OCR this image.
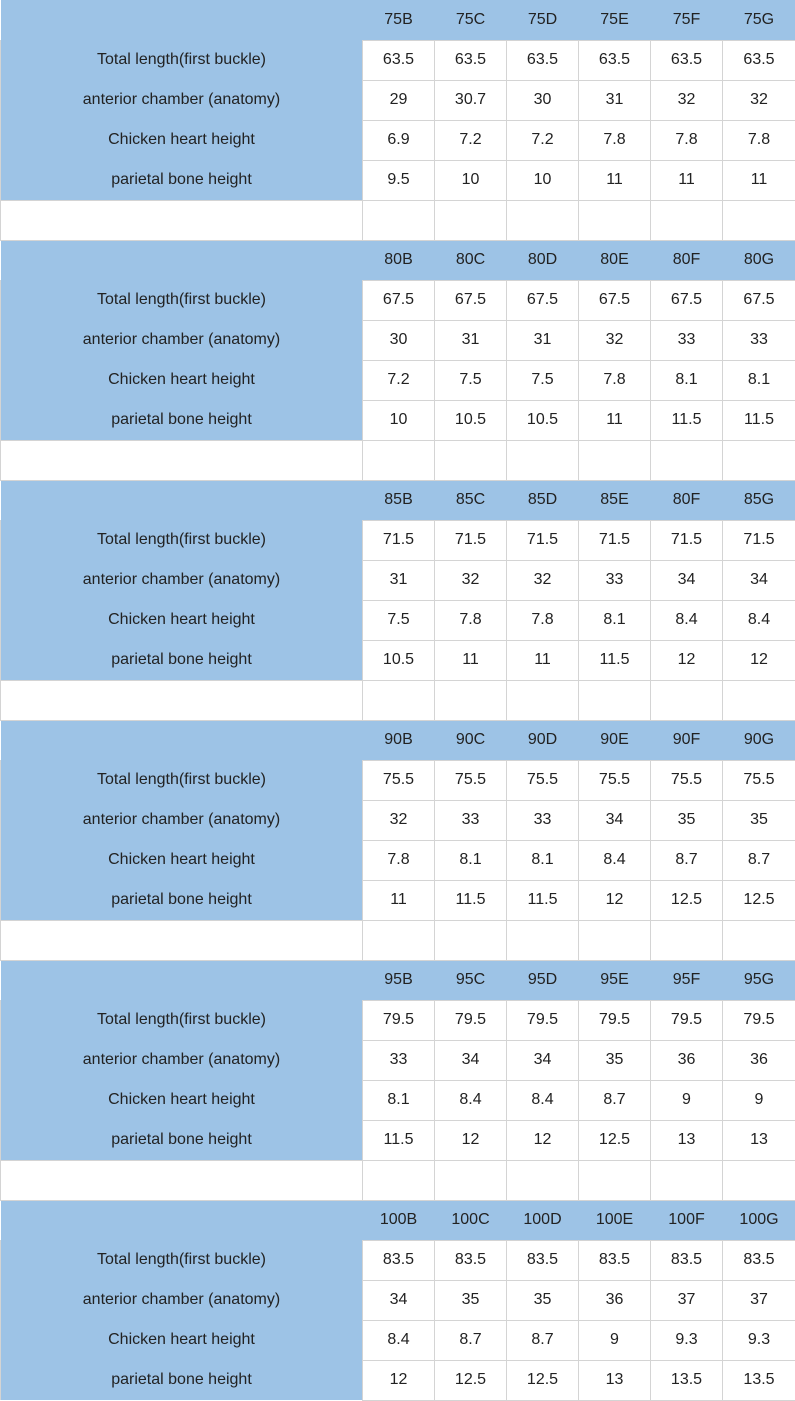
	75B	75C	75D	75E	75F	75G
Total length(first buckle)	63.5	63.5	63.5	63.5	63.5	63.5
anterior chamber (anatomy)	29	30.7	30	31	32	32
Chicken heart height	6.9	7.2	7.2	7.8	7.8	7.8
parietal bone height	9.5	10	10	11	11	11

	80B	80C	80D	80E	80F	80G
Total length(first buckle)	67.5	67.5	67.5	67.5	67.5	67.5
anterior chamber (anatomy)	30	31	31	32	33	33
Chicken heart height	7.2	7.5	7.5	7.8	8.1	8.1
parietal bone height	10	10.5	10.5	11	11.5	11.5

	85B	85C	85D	85E	80F	85G
Total length(first buckle)	71.5	71.5	71.5	71.5	71.5	71.5
anterior chamber (anatomy)	31	32	32	33	34	34
Chicken heart height	7.5	7.8	7.8	8.1	8.4	8.4
parietal bone height	10.5	11	11	11.5	12	12

	90B	90C	90D	90E	90F	90G
Total length(first buckle)	75.5	75.5	75.5	75.5	75.5	75.5
anterior chamber (anatomy)	32	33	33	34	35	35
Chicken heart height	7.8	8.1	8.1	8.4	8.7	8.7
parietal bone height	11	11.5	11.5	12	12.5	12.5

	95B	95C	95D	95E	95F	95G
Total length(first buckle)	79.5	79.5	79.5	79.5	79.5	79.5
anterior chamber (anatomy)	33	34	34	35	36	36
Chicken heart height	8.1	8.4	8.4	8.7	9	9
parietal bone height	11.5	12	12	12.5	13	13

	100B	100C	100D	100E	100F	100G
Total length(first buckle)	83.5	83.5	83.5	83.5	83.5	83.5
anterior chamber (anatomy)	34	35	35	36	37	37
Chicken heart height	8.4	8.7	8.7	9	9.3	9.3
parietal bone height	12	12.5	12.5	13	13.5	13.5
